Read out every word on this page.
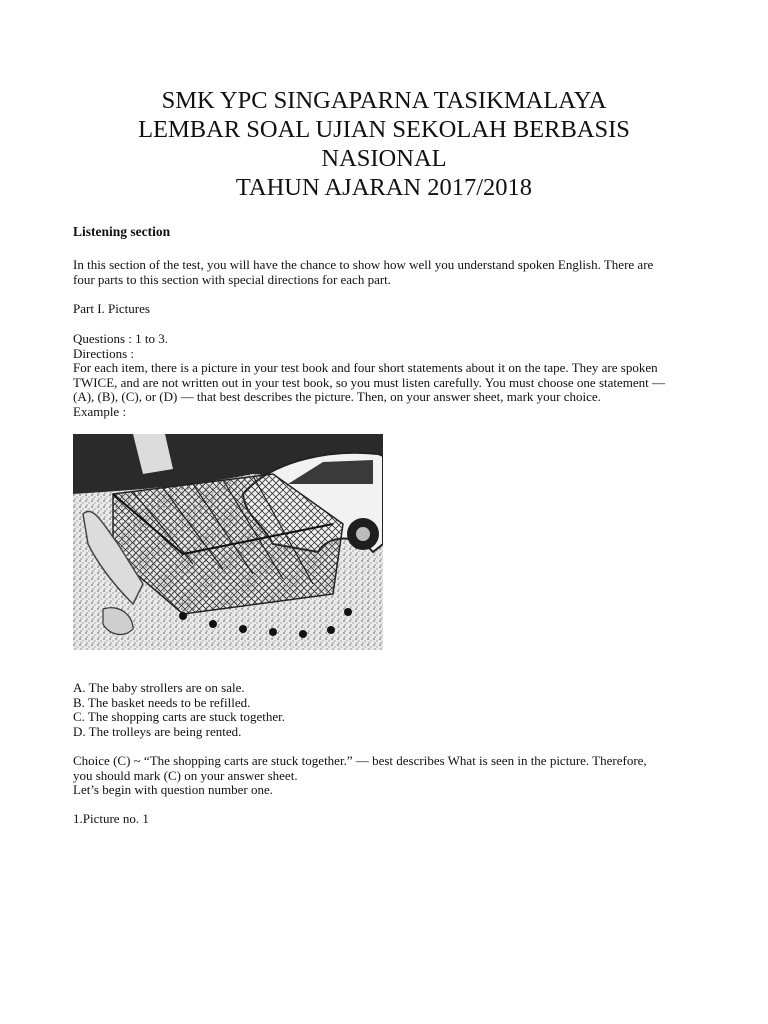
SMK YPC SINGAPARNA TASIKMALAYA
LEMBAR SOAL UJIAN SEKOLAH BERBASIS
NASIONAL
TAHUN AJARAN 2017/2018
Listening section
In this section of the test, you will have the chance to show how well you understand spoken English. There are
four parts to this section with special directions for each part.
Part I. Pictures
Questions : 1 to 3.
Directions :
For each item, there is a picture in your test book and four short statements about it on the tape. They are spoken
TWICE, and are not written out in your test book, so you must listen carefully. You must choose one statement —
(A), (B), (C), or (D) — that best describes the picture. Then, on your answer sheet, mark your choice.
Example :
A. The baby strollers are on sale.
B. The basket needs to be refilled.
C. The shopping carts are stuck together.
D. The trolleys are being rented.
Choice (C) ~ “The shopping carts are stuck together.” — best describes What is seen in the picture. Therefore,
you should mark (C) on your answer sheet.
Let’s begin with question number one.
1.Picture no. 1
